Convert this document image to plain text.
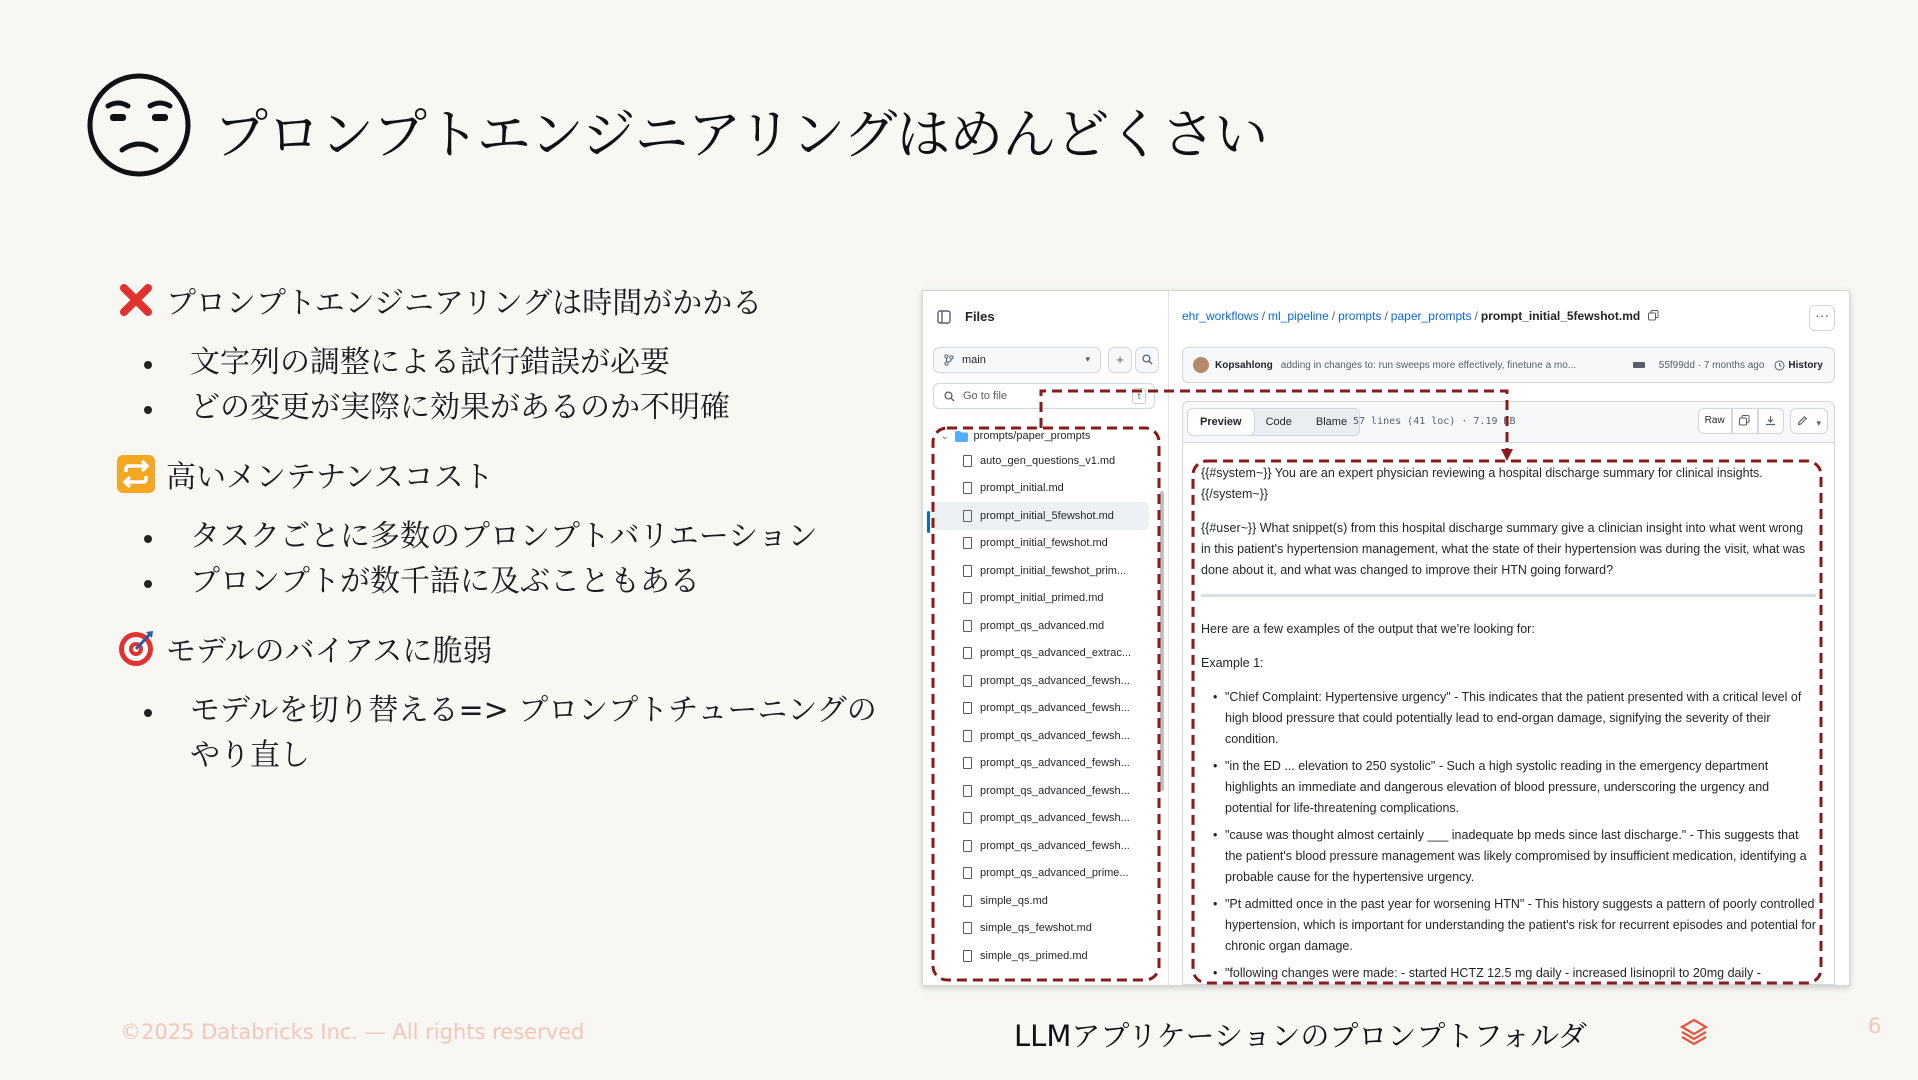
プロンプトエンジニアリングはめんどくさい
プロンプトエンジニアリングは時間がかかる
文字列の調整による試行錯誤が必要
どの変更が実際に効果があるのか不明確
高いメンテナンスコスト
タスクごとに多数のプロンプトバリエーション
プロンプトが数千語に及ぶこともある
モデルのバイアスに脆弱
モデルを切り替える=> プロンプトチューニングのやり直し
Files
main	▾	+
Go to file	t
⌄ prompts/paper_prompts
auto_gen_questions_v1.md
prompt_initial.md
prompt_initial_5fewshot.md
prompt_initial_fewshot.md
prompt_initial_fewshot_prim...
prompt_initial_primed.md
prompt_qs_advanced.md
prompt_qs_advanced_extrac...
prompt_qs_advanced_fewsh...
prompt_qs_advanced_fewsh...
prompt_qs_advanced_fewsh...
prompt_qs_advanced_fewsh...
prompt_qs_advanced_fewsh...
prompt_qs_advanced_fewsh...
prompt_qs_advanced_fewsh...
prompt_qs_advanced_prime...
simple_qs.md
simple_qs_fewshot.md
simple_qs_primed.md
ehr_workflows / ml_pipeline / prompts / paper_prompts / prompt_initial_5fewshot.md	···
Kopsahlong adding in changes to: run sweeps more effectively, finetune a mo...	55f99dd · 7 months ago History
Preview	Code	Blame 57 lines (41 loc) · 7.19 KB	Raw	▾

{{#system~}} You are an expert physician reviewing a hospital discharge summary for clinical insights. {{/system~}}

{{#user~}} What snippet(s) from this hospital discharge summary give a clinician insight into what went wrong in this patient's hypertension management, what the state of their hypertension was during the visit, what was done about it, and what was changed to improve their HTN going forward?

Here are a few examples of the output that we're looking for:

Example 1:

• "Chief Complaint: Hypertensive urgency" - This indicates that the patient presented with a critical level of high blood pressure that could potentially lead to end-organ damage, signifying the severity of their condition.
• "in the ED ... elevation to 250 systolic" - Such a high systolic reading in the emergency department highlights an immediate and dangerous elevation of blood pressure, underscoring the urgency and potential for life-threatening complications.
• "cause was thought almost certainly ___ inadequate bp meds since last discharge." - This suggests that the patient's blood pressure management was likely compromised by insufficient medication, identifying a probable cause for the hypertensive urgency.
• "Pt admitted once in the past year for worsening HTN" - This history suggests a pattern of poorly controlled hypertension, which is important for understanding the patient's risk for recurrent episodes and potential for chronic organ damage.
• "following changes were made: - started HCTZ 12.5 mg daily - increased lisinopril to 20mg daily -
©2025 Databricks Inc. — All rights reserved	LLMアプリケーションのプロンプトフォルダ	6
